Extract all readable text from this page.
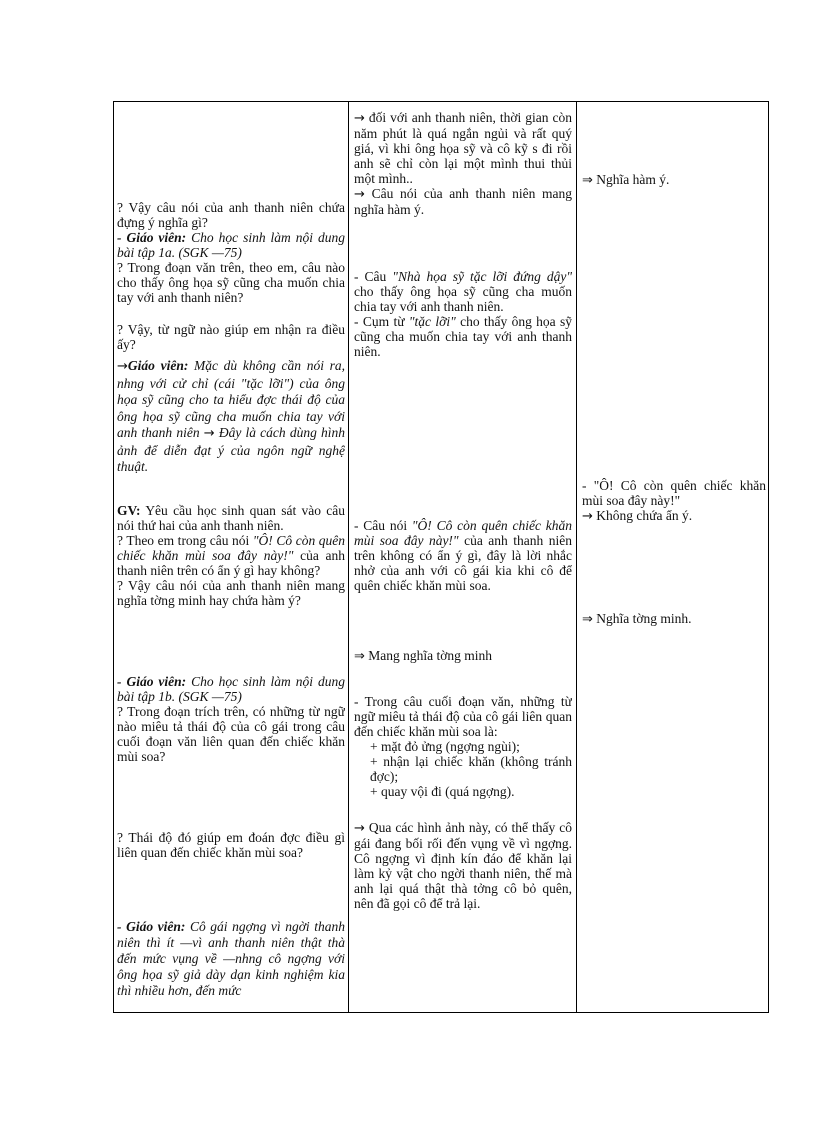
? Vậy câu nói của anh thanh niên chứa đựng ý nghĩa gì?

- Giáo viên: Cho học sinh làm nội dung bài tập 1a. (SGK —75)

? Trong đoạn văn trên, theo em, câu nào cho thấy ông họa sỹ cũng cha muốn chia tay với anh thanh niên?

? Vậy, từ ngữ nào giúp em nhận ra điều ấy?

→Giáo viên: Mặc dù không cần nói ra, nhng với cử chỉ (cái "tặc lỡi") của ông họa sỹ cũng cho ta hiểu đợc thái độ của ông họa sỹ cũng cha muốn chia tay với anh thanh niên → Đây là cách dùng hình ảnh để diễn đạt ý của ngôn ngữ nghệ thuật.

GV: Yêu cầu học sinh quan sát vào câu nói thứ hai của anh thanh niên.

? Theo em trong câu nói "Ô! Cô còn quên chiếc khăn mùi soa đây này!" của anh thanh niên trên có ẩn ý gì hay không?

? Vậy câu nói của anh thanh niên mang nghĩa tờng minh hay chứa hàm ý?

- Giáo viên: Cho học sinh làm nội dung bài tập 1b. (SGK —75)

? Trong đoạn trích trên, có những từ ngữ nào miêu tả thái độ của cô gái trong câu cuối đoạn văn liên quan đến chiếc khăn mùi soa?

? Thái độ đó giúp em đoán đợc điều gì liên quan đến chiếc khăn mùi soa?

- Giáo viên: Cô gái ngợng vì ngời thanh niên thì ít —vì anh thanh niên thật thà đến mức vụng về —nhng cô ngợng với ông họa sỹ giả dày dạn kinh nghiệm kia thì nhiều hơn, đến mức

→ đối với anh thanh niên, thời gian còn năm phút là quá ngắn ngủi và rất quý giá, vì khi ông họa sỹ và cô kỹ s đi rồi anh sẽ chỉ còn lại một mình thui thủi một mình..

→ Câu nói của anh thanh niên mang nghĩa hàm ý.

- Câu "Nhà họa sỹ tặc lỡi đứng dậy" cho thấy ông họa sỹ cũng cha muốn chia tay với anh thanh niên.

- Cụm từ "tặc lỡi" cho thấy ông họa sỹ cũng cha muốn chia tay với anh thanh niên.

- Câu nói "Ô! Cô còn quên chiếc khăn mùi soa đây này!" của anh thanh niên trên không có ẩn ý gì, đây là lời nhắc nhở của anh với cô gái kia khi cô để quên chiếc khăn mùi soa.

⇒ Mang nghĩa tờng minh

- Trong câu cuối đoạn văn, những từ ngữ miêu tả thái độ của cô gái liên quan đến chiếc khăn mùi soa là:

+ mặt đỏ ửng (ngợng ngùi);

+ nhận lại chiếc khăn (không tránh đợc);

+ quay vội đi (quá ngợng).

→ Qua các hình ảnh này, có thể thấy cô gái đang bối rối đến vụng về vì ngợng. Cô ngợng vì định kín đáo để khăn lại làm kỷ vật cho ngời thanh niên, thế mà anh lại quá thật thà tởng cô bỏ quên, nên đã gọi cô để trả lại.

⇒ Nghĩa hàm ý.

- "Ô! Cô còn quên chiếc khăn mùi soa đây này!"

→ Không chứa ẩn ý.

⇒ Nghĩa tờng minh.
